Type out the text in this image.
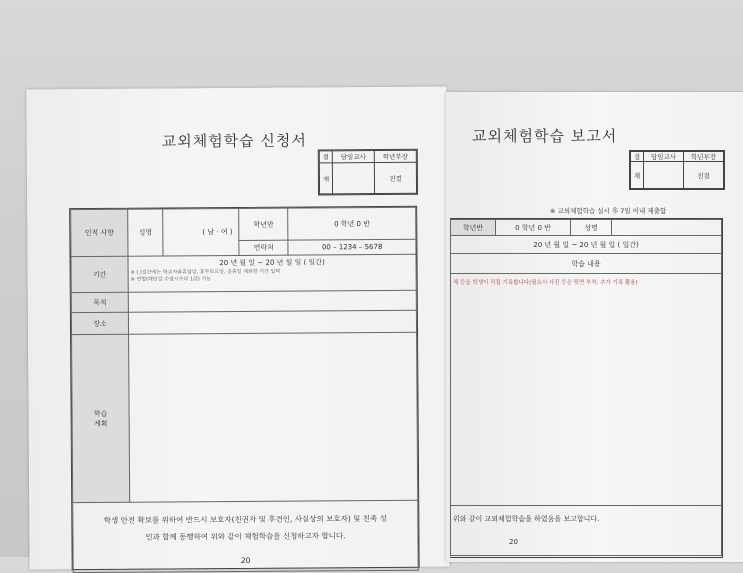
교외체험학습 신청서
결	담임교사	학년부장
재		전결
인적 사항	성명	( 남 · 여 )	학년반	0 학년 0 반
			연락처	00 – 1234 – 5678
기간	20 년 월 일 ~ 20 년 월 일 ( 일간)
※ ( )일간에는 학교자율휴업일, 휴무토요일, 공휴일 제외한 기간 입력
※ 연법(해당일 수업시수의 1/2) 가능			

목적				
장소				

학습
계획				

학생 안전 확보를 위하여 반드시 보호자(친권자 및 후견인, 사실상의 보호자) 및 친족 성
인과 함께 동행하여 위와 같이 체험학습을 신청하고자 합니다.
20				
교외체험학습 보고서
결	담임교사	학년부장
재		전결
※ 교외체험학습 실시 후 7일 이내 제출함
학년반	0 학년 0 반	성명	
20 년 월 일 ~ 20 년 월 일 ( 일간)
학습 내용

체 등을 학생이 직접 기록합니다(필요시 사진 등은 뒷면 부착, 추가 기록 활용)

위와 같이 교외체험학습을 하였음을 보고합니다.
20
